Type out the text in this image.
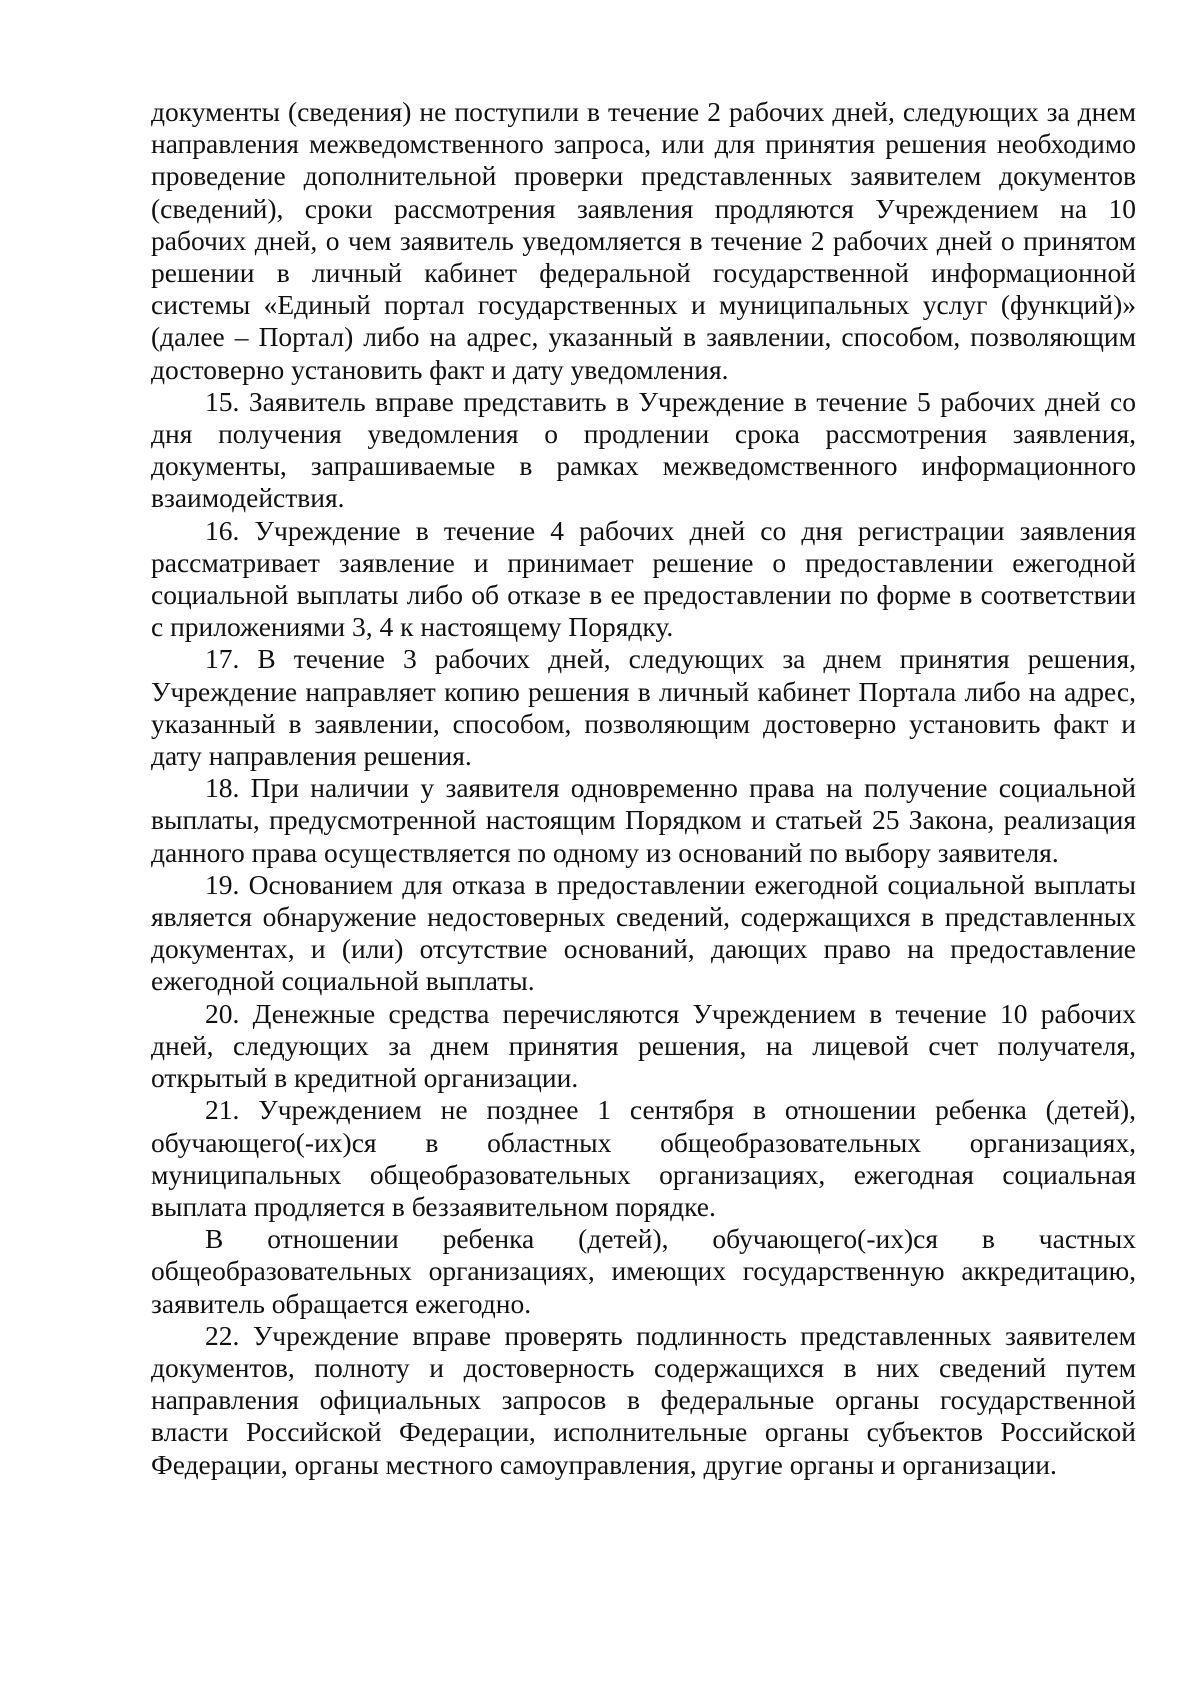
документы (сведения) не поступили в течение 2 рабочих дней, следующих за днем направления межведомственного запроса, или для принятия решения необходимо проведение дополнительной проверки представленных заявителем документов (сведений), сроки рассмотрения заявления продляются Учреждением на 10 рабочих дней, о чем заявитель уведомляется в течение 2 рабочих дней о принятом решении в личный кабинет федеральной государственной информационной системы «Единый портал государственных и муниципальных услуг (функций)» (далее – Портал) либо на адрес, указанный в заявлении, способом, позволяющим достоверно установить факт и дату уведомления.

15. Заявитель вправе представить в Учреждение в течение 5 рабочих дней со дня получения уведомления о продлении срока рассмотрения заявления, документы, запрашиваемые в рамках межведомственного информационного взаимодействия.

16. Учреждение в течение 4 рабочих дней со дня регистрации заявления рассматривает заявление и принимает решение о предоставлении ежегодной социальной выплаты либо об отказе в ее предоставлении по форме в соответствии с приложениями 3, 4 к настоящему Порядку.

17. В течение 3 рабочих дней, следующих за днем принятия решения, Учреждение направляет копию решения в личный кабинет Портала либо на адрес, указанный в заявлении, способом, позволяющим достоверно установить факт и дату направления решения.

18. При наличии у заявителя одновременно права на получение социальной выплаты, предусмотренной настоящим Порядком и статьей 25 Закона, реализация данного права осуществляется по одному из оснований по выбору заявителя.

19. Основанием для отказа в предоставлении ежегодной социальной выплаты является обнаружение недостоверных сведений, содержащихся в представленных документах, и (или) отсутствие оснований, дающих право на предоставление ежегодной социальной выплаты.

20. Денежные средства перечисляются Учреждением в течение 10 рабочих дней, следующих за днем принятия решения, на лицевой счет получателя, открытый в кредитной организации.

21. Учреждением не позднее 1 сентября в отношении ребенка (детей), обучающего(-их)ся в областных общеобразовательных организациях, муниципальных общеобразовательных организациях, ежегодная социальная выплата продляется в беззаявительном порядке.

В отношении ребенка (детей), обучающего(-их)ся в частных общеобразовательных организациях, имеющих государственную аккредитацию, заявитель обращается ежегодно.

22. Учреждение вправе проверять подлинность представленных заявителем документов, полноту и достоверность содержащихся в них сведений путем направления официальных запросов в федеральные органы государственной власти Российской Федерации, исполнительные органы субъектов Российской Федерации, органы местного самоуправления, другие органы и организации.
